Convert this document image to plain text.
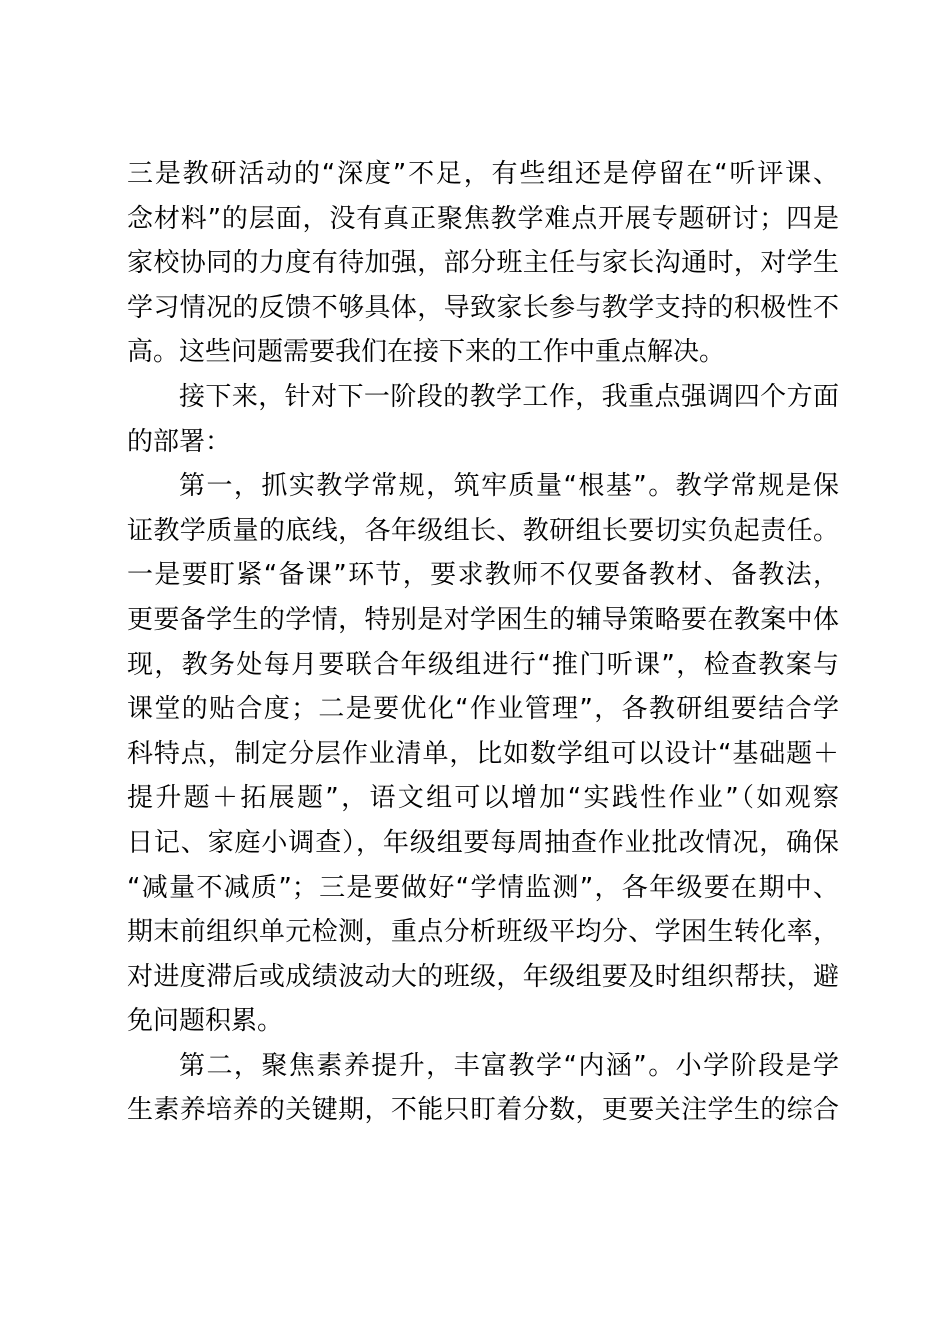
三是教研活动的“深度”不足，有些组还是停留在“听评课、
念材料”的层面，没有真正聚焦教学难点开展专题研讨；四是
家校协同的力度有待加强，部分班主任与家长沟通时，对学生
学习情况的反馈不够具体，导致家长参与教学支持的积极性不
高。这些问题需要我们在接下来的工作中重点解决。
接下来，针对下一阶段的教学工作，我重点强调四个方面
的部署：
第一，抓实教学常规，筑牢质量“根基”。教学常规是保
证教学质量的底线，各年级组长、教研组长要切实负起责任。
一是要盯紧“备课”环节，要求教师不仅要备教材、备教法，
更要备学生的学情，特别是对学困生的辅导策略要在教案中体
现，教务处每月要联合年级组进行“推门听课”，检查教案与
课堂的贴合度；二是要优化“作业管理”，各教研组要结合学
科特点，制定分层作业清单，比如数学组可以设计“基础题＋
提升题＋拓展题”，语文组可以增加“实践性作业”（如观察
日记、家庭小调查），年级组要每周抽查作业批改情况，确保
“减量不减质”；三是要做好“学情监测”，各年级要在期中、
期末前组织单元检测，重点分析班级平均分、学困生转化率，
对进度滞后或成绩波动大的班级，年级组要及时组织帮扶，避
免问题积累。
第二，聚焦素养提升，丰富教学“内涵”。小学阶段是学
生素养培养的关键期，不能只盯着分数，更要关注学生的综合
